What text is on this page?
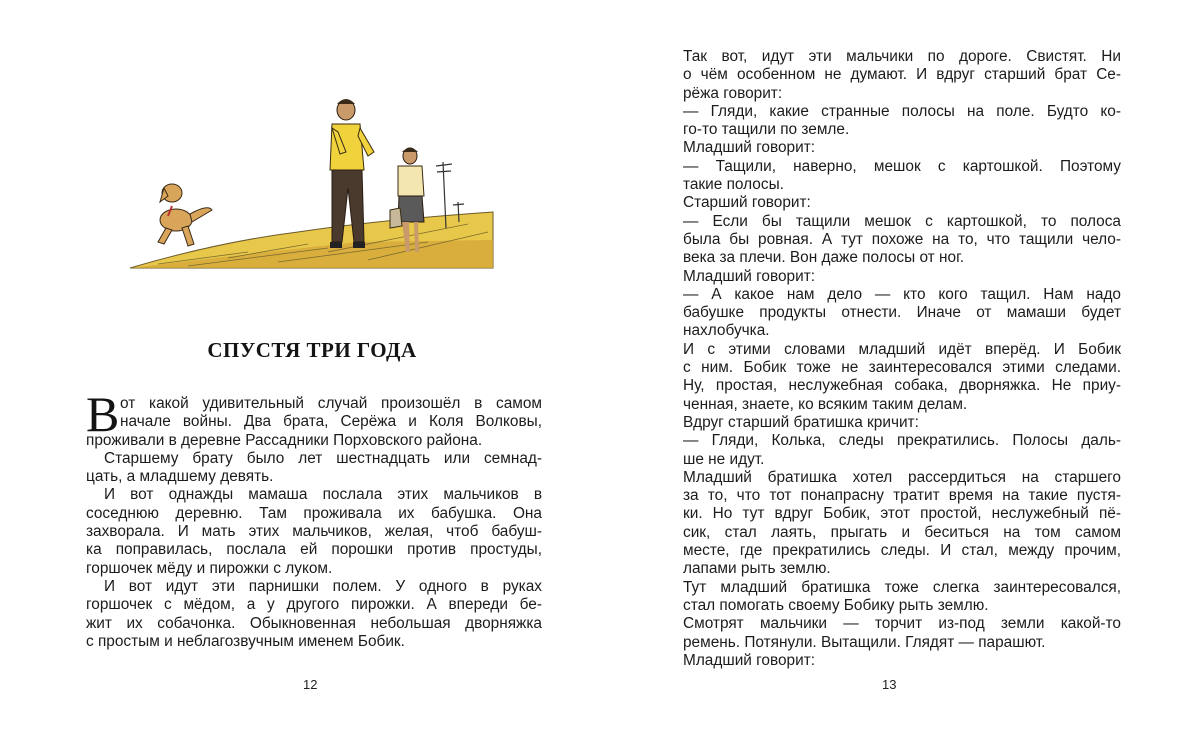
СПУСТЯ ТРИ ГОДА
В от какой удивительный случай произошёл в самом
начале войны. Два брата, Серёжа и Коля Волковы,
проживали в деревне Рассадники Порховского района.
Старшему брату было лет шестнадцать или семнад-
цать, а младшему девять.
И вот однажды мамаша послала этих мальчиков в
соседнюю деревню. Там проживала их бабушка. Она
захворала. И мать этих мальчиков, желая, чтоб бабуш-
ка поправилась, послала ей порошки против простуды,
горшочек мёду и пирожки с луком.
И вот идут эти парнишки полем. У одного в руках
горшочек с мёдом, а у другого пирожки. А впереди бе-
жит их собачонка. Обыкновенная небольшая дворняжка
с простым и неблагозвучным именем Бобик.
12
Так вот, идут эти мальчики по дороге. Свистят. Ни
о чём особенном не думают. И вдруг старший брат Се-
рёжа говорит:
— Гляди, какие странные полосы на поле. Будто ко-
го-то тащили по земле.
Младший говорит:
— Тащили, наверно, мешок с картошкой. Поэтому
такие полосы.
Старший говорит:
— Если бы тащили мешок с картошкой, то полоса
была бы ровная. А тут похоже на то, что тащили чело-
века за плечи. Вон даже полосы от ног.
Младший говорит:
— А какое нам дело — кто кого тащил. Нам надо
бабушке продукты отнести. Иначе от мамаши будет
нахлобучка.
И с этими словами младший идёт вперёд. И Бобик
с ним. Бобик тоже не заинтересовался этими следами.
Ну, простая, неслужебная собака, дворняжка. Не приу-
ченная, знаете, ко всяким таким делам.
Вдруг старший братишка кричит:
— Гляди, Колька, следы прекратились. Полосы даль-
ше не идут.
Младший братишка хотел рассердиться на старшего
за то, что тот понапрасну тратит время на такие пустя-
ки. Но тут вдруг Бобик, этот простой, неслужебный пё-
сик, стал лаять, прыгать и беситься на том самом
месте, где прекратились следы. И стал, между прочим,
лапами рыть землю.
Тут младший братишка тоже слегка заинтересовался,
стал помогать своему Бобику рыть землю.
Смотрят мальчики — торчит из-под земли какой-то
ремень. Потянули. Вытащили. Глядят — парашют.
Младший говорит:
13
